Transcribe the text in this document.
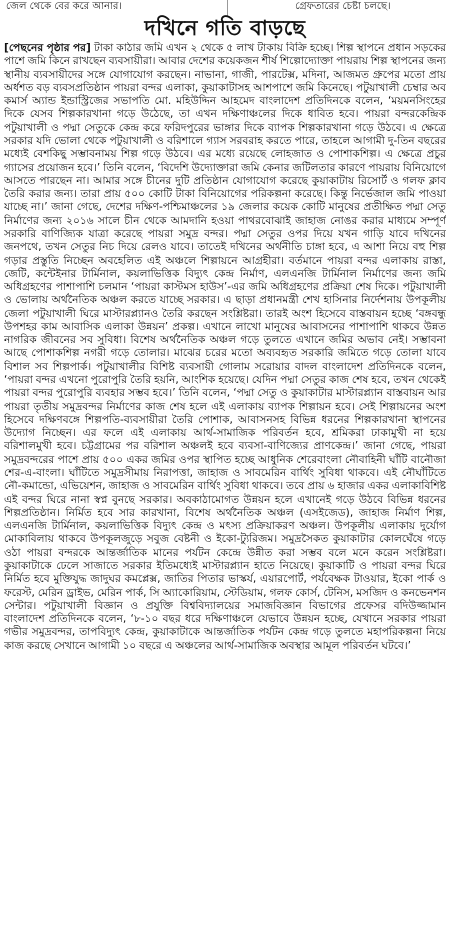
জেল থেকে বের করে আনার।	গ্রেফতারের চেষ্টা চলছে।
দখিনে গতি বাড়ছে
[পেছনের পৃষ্ঠার পর] টাকা কাঠার জমি এখন ২ থেকে ৫ লাখ টাকায় বিক্রি হচ্ছে। শিল্প স্থাপনে প্রধান সড়কের পাশে জমি কিনে রাখছেন ব্যবসায়ীরা। আবার দেশের কয়েকজন শীর্ষ শিল্পোদ্যোক্তা পায়রায় শিল্প স্থাপনের জন্য স্থানীয় ব্যবসায়ীদের সঙ্গে যোগাযোগ করছেন। নাভানা, গাজী, পারটেক্স, মদিনা, আজমত গ্রুপের মতো প্রায় অর্ধশত বড় ব্যবসপ্রতিষ্ঠান পায়রা বন্দর এলাকা, কুয়াকাটাসহ আশপাশে জমি কিনেছে। পটুয়াখালী চেম্বার অব কমার্স অ্যান্ড ইন্ডাস্ট্রিজের সভাপতি মো. মহিউদ্দিন আহমেদ বাংলাদেশ প্রতিদিনকে বলেন, ‘ময়মনসিংহের দিকে যেসব শিল্পকারখানা গড়ে উঠেছে, তা এখন দক্ষিণাঞ্চলের দিকে ধাবিত হবে। পায়রা বন্দরকেন্দ্রিক পটুয়াখালী ও পদ্মা সেতুকে কেন্দ্র করে ফরিদপুরের ভাঙ্গার দিকে ব্যাপক শিল্পকারখানা গড়ে উঠবে। এ ক্ষেত্রে সরকার যদি ভোলা থেকে পটুয়াখালী ও বরিশালে গ্যাস সরবরাহ করতে পারে, তাহলে আগামী দু-তিন বছরের মধ্যেই বেশকিছু সম্ভাবনাময় শিল্প গড়ে উঠবে। এর মধ্যে রয়েছে লোহজাত ও পোশাকশিল্প। এ ক্ষেত্রে প্রচুর গ্যাসের প্রয়োজন হবে।’ তিনি বলেন, ‘বিদেশি উদ্যোক্তারা জমি কেনার জটিলতার কারণে পায়রায় বিনিয়োগে আসতে পারছেন না। আমার সঙ্গে চীনের দুটি প্রতিষ্ঠান যোগাযোগ করেছে কুয়াকাটায় রিসোর্ট ও গলফ ক্লাব তৈরি করার জন্য। তারা প্রায় ৫০০ কোটি টাকা বিনিয়োগের পরিকল্পনা করেছে। কিন্তু নির্ভেজাল জমি পাওয়া যাচ্ছে না।’ জানা গেছে, দেশের দক্ষিণ-পশ্চিমাঞ্চলের ১৯ জেলার কয়েক কোটি মানুষের প্রতীক্ষিত পদ্মা সেতু নির্মাণের জন্য ২০১৬ সালে চীন থেকে আমদানি হওয়া পাথরবোঝাই জাহাজ নোঙর করার মাধ্যমে সম্পূর্ণ সরকারি বাণিজ্যিক যাত্রা করেছে পায়রা সমুদ্র বন্দর। পদ্মা সেতুর ওপর দিয়ে যখন গাড়ি যাবে দখিনের জনপথে, তখন সেতুর নিচ দিয়ে রেলও যাবে। তাতেই দখিনের অর্থনীতি চাঙ্গা হবে, এ আশা নিয়ে বহু শিল্প গড়ার প্রস্তুতি নিচ্ছেন অবহেলিত এই অঞ্চলে শিল্পায়নে আগ্রহীরা। বর্তমানে পায়রা বন্দর এলাকায় রাস্তা, জেটি, কন্টেইনার টার্মিনাল, কয়লাভিত্তিক বিদ্যুৎ কেন্দ্র নির্মাণ, এলএনজি টার্মিনাল নির্মাণের জন্য জমি অধিগ্রহণের পাশাপাশি চলমান ‘পায়রা কাস্টমস হাউস’-এর জমি অধিগ্রহণের প্রক্রিয়া শেষ দিকে। পটুয়াখালী ও ভোলায় অর্থনৈতিক অঞ্চল করতে যাচ্ছে সরকার। এ ছাড়া প্রধানমন্ত্রী শেখ হাসিনার নির্দেশনায় উপকূলীয় জেলা পটুয়াখালী ঘিরে মাস্টারপ্ল্যানও তৈরি করছেন সংশ্লিষ্টরা। তারই অংশ হিসেবে বাস্তবায়ন হচ্ছে ‘বঙ্গবন্ধু উপশহর কাম আবাসিক এলাকা উন্নয়ন’ প্রকল্প। এখানে লাখো মানুষের আবাসনের পাশাপাশি থাকবে উন্নত নাগরিক জীবনের সব সুবিধা। বিশেষ অর্থনৈতিক অঞ্চল গড়ে তুলতে এখানে জমির অভাব নেই। সম্ভাবনা আছে পোশাকশিল্প নগরী গড়ে তোলার। মাঝের চরের মতো অব্যবহৃত সরকারি জমিতে গড়ে তোলা যাবে বিশাল সব শিল্পপার্ক। পটুয়াখালীর বিশিষ্ট ব্যবসায়ী গোলাম সরোয়ার বাদল বাংলাদেশ প্রতিদিনকে বলেন, ‘পায়রা বন্দর এখনো পুরোপুরি তৈরি হয়নি, আংশিক হয়েছে। যেদিন পদ্মা সেতুর কাজ শেষ হবে, তখন থেকেই পায়রা বন্দর পুরোপুরি ব্যবহার সম্ভব হবে।’ তিনি বলেন, ‘পদ্মা সেতু ও কুয়াকাটার মাস্টারপ্ল্যান বাস্তবায়ন আর পায়রা তৃতীয় সমুদ্রবন্দর নির্মাণের কাজ শেষ হলে এই এলাকায় ব্যাপক শিল্পায়ন হবে। সেই শিল্পায়নের অংশ হিসেবে দক্ষিণবঙ্গে শিল্পপতি-ব্যবসায়ীরা তৈরি পোশাক, আবাসনসহ বিভিন্ন ধরনের শিল্পকারখানা স্থাপনের উদ্যোগ নিচ্ছেন। এর ফলে এই এলাকায় আর্থ-সামাজিক পরিবর্তন হবে, শ্রমিকরা ঢাকামুখী না হয়ে বরিশালমুখী হবে। চট্টগ্রামের পর বরিশাল অঞ্চলই হবে ব্যবসা-বাণিজ্যের প্রাণকেন্দ্র।’ জানা গেছে, পায়রা সমুদ্রবন্দরের পাশে প্রায় ৫০০ একর জমির ওপর স্থাপিত হচ্ছে আধুনিক শেরেবাংলা নৌবাহিনী ঘাঁটি বানৌজা শের-এ-বাংলা। ঘাঁটিতে সমুদ্রসীমায় নিরাপত্তা, জাহাজ ও সাবমেরিন বার্থিং সুবিধা থাকবে। এই নৌঘাঁটিতে নৌ-কমান্ডো, এভিয়েশন, জাহাজ ও সাবমেরিন বার্থিং সুবিধা থাকবে। তবে প্রায় ৬ হাজার একর এলাকাবিশিষ্ট এই বন্দর ঘিরে নানা স্বপ্ন বুনছে সরকার। অবকাঠামোগত উন্নয়ন হলে এখানেই গড়ে উঠবে বিভিন্ন ধরনের শিল্পপ্রতিষ্ঠান। নির্মিত হবে সার কারখানা, বিশেষ অর্থনৈতিক অঞ্চল (এসইজেড), জাহাজ নির্মাণ শিল্প, এলএনজি টার্মিনাল, কয়লাভিত্তিক বিদ্যুৎ কেন্দ্র ও মৎস্য প্রক্রিয়াকরণ অঞ্চল। উপকূলীয় এলাকায় দুর্যোগ মোকাবিলায় থাকবে উপকূলজুড়ে সবুজ বেষ্টনী ও ইকো-ট্যুরিজম। সমুদ্রসৈকত কুয়াকাটার কোলঘেঁষে গড়ে ওঠা পায়রা বন্দরকে আন্তর্জাতিক মানের পর্যটন কেন্দ্রে উন্নীত করা সম্ভব বলে মনে করেন সংশ্লিষ্টরা। কুয়াকাটাকে ঢেলে সাজাতে সরকার ইতিমধ্যেই মাস্টারপ্ল্যান হাতে নিয়েছে। কুয়াকাটি ও পায়রা বন্দর ঘিরে নির্মিত হবে মুক্তিযুদ্ধ জাদুঘর কমপ্লেক্স, জাতির পিতার ভাস্কর্য, এয়ারপোর্ট, পর্যবেক্ষক টাওয়ার, ইকো পার্ক ও ফরেস্ট, মেরিন ড্রাইভ, মেরিন পার্ক, সি অ্যাকোরিয়াম, স্টেডিয়াম, গলফ কোর্স, টেনিস, মসজিদ ও কনভেনশন সেন্টার। পটুয়াখালী বিজ্ঞান ও প্রযুক্তি বিশ্ববিদ্যালয়ের সমাজবিজ্ঞান বিভাগের প্রফেসর বদিউজ্জামান বাংলাদেশ প্রতিদিনকে বলেন, ‘৮-১০ বছর ধরে দক্ষিণাঞ্চলে যেভাবে উন্নয়ন হচ্ছে, যেখানে সরকার পায়রা গভীর সমুদ্রবন্দর, তাপবিদ্যুৎ কেন্দ্র, কুয়াকাটাকে আন্তর্জাতিক পর্যটন কেন্দ্র গড়ে তুলতে মহাপরিকল্পনা নিয়ে কাজ করছে সেখানে আগামী ১০ বছরে এ অঞ্চলের আর্থ-সামাজিক অবস্থার আমূল পরিবর্তন ঘটবে।’
